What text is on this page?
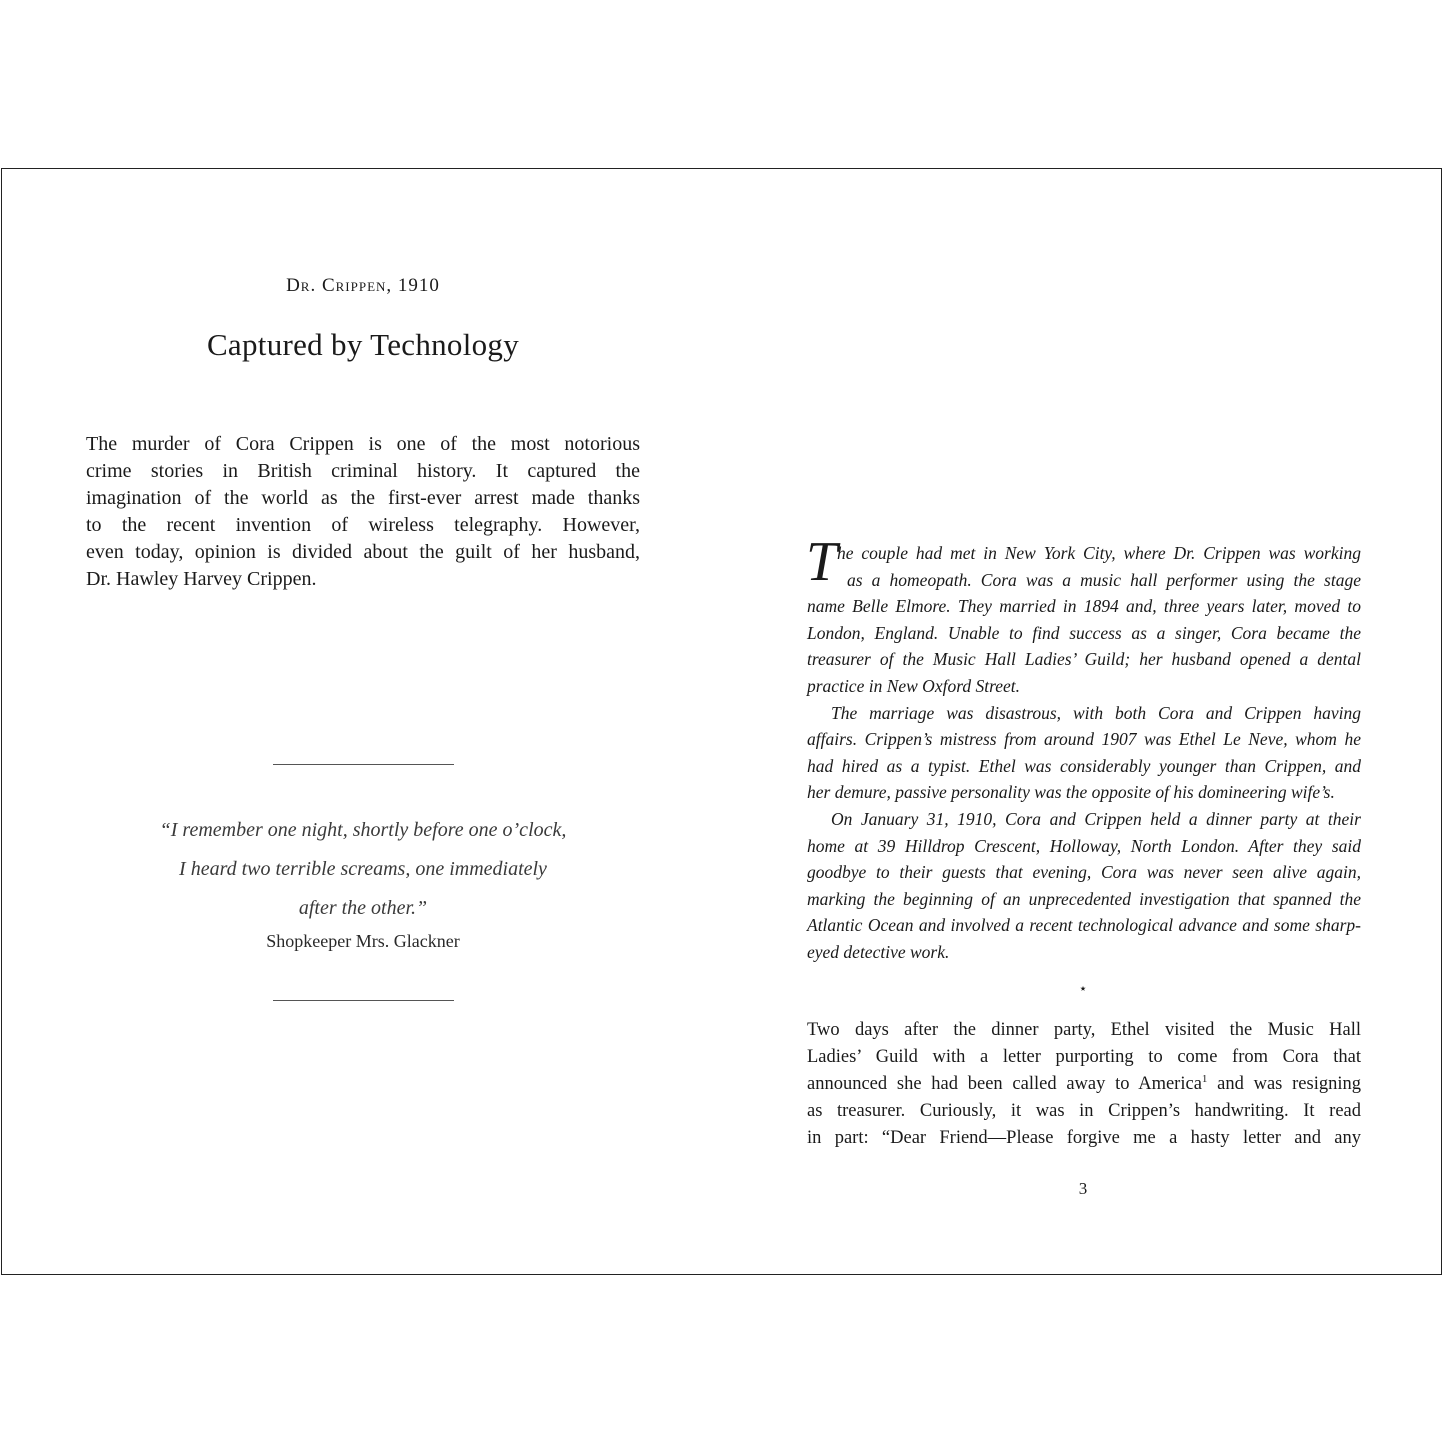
Dr. Crippen, 1910
Captured by Technology

The murder of Cora Crippen is one of the most notorious
crime stories in British criminal history. It captured the
imagination of the world as the first-ever arrest made thanks
to the recent invention of wireless telegraphy. However,
even today, opinion is divided about the guilt of her husband,
Dr. Hawley Harvey Crippen.

“I remember one night, shortly before one o’clock,
I heard two terrible screams, one immediately
after the other.”

Shopkeeper Mrs. Glackner

T he couple had met in New York City, where Dr. Crippen was working
as a homeopath. Cora was a music hall performer using the stage
name Belle Elmore. They married in 1894 and, three years later, moved to
London, England. Unable to find success as a singer, Cora became the
treasurer of the Music Hall Ladies’ Guild; her husband opened a dental
practice in New Oxford Street.
The marriage was disastrous, with both Cora and Crippen having
affairs. Crippen’s mistress from around 1907 was Ethel Le Neve, whom he
had hired as a typist. Ethel was considerably younger than Crippen, and
her demure, passive personality was the opposite of his domineering wife’s.
On January 31, 1910, Cora and Crippen held a dinner party at their
home at 39 Hilldrop Crescent, Holloway, North London. After they said
goodbye to their guests that evening, Cora was never seen alive again,
marking the beginning of an unprecedented investigation that spanned the
Atlantic Ocean and involved a recent technological advance and some sharp-
eyed detective work.

⋆

Two days after the dinner party, Ethel visited the Music Hall
Ladies’ Guild with a letter purporting to come from Cora that
announced she had been called away to America$^1$ and was resigning
as treasurer. Curiously, it was in Crippen’s handwriting. It read
in part: “Dear Friend—Please forgive me a hasty letter and any

3
